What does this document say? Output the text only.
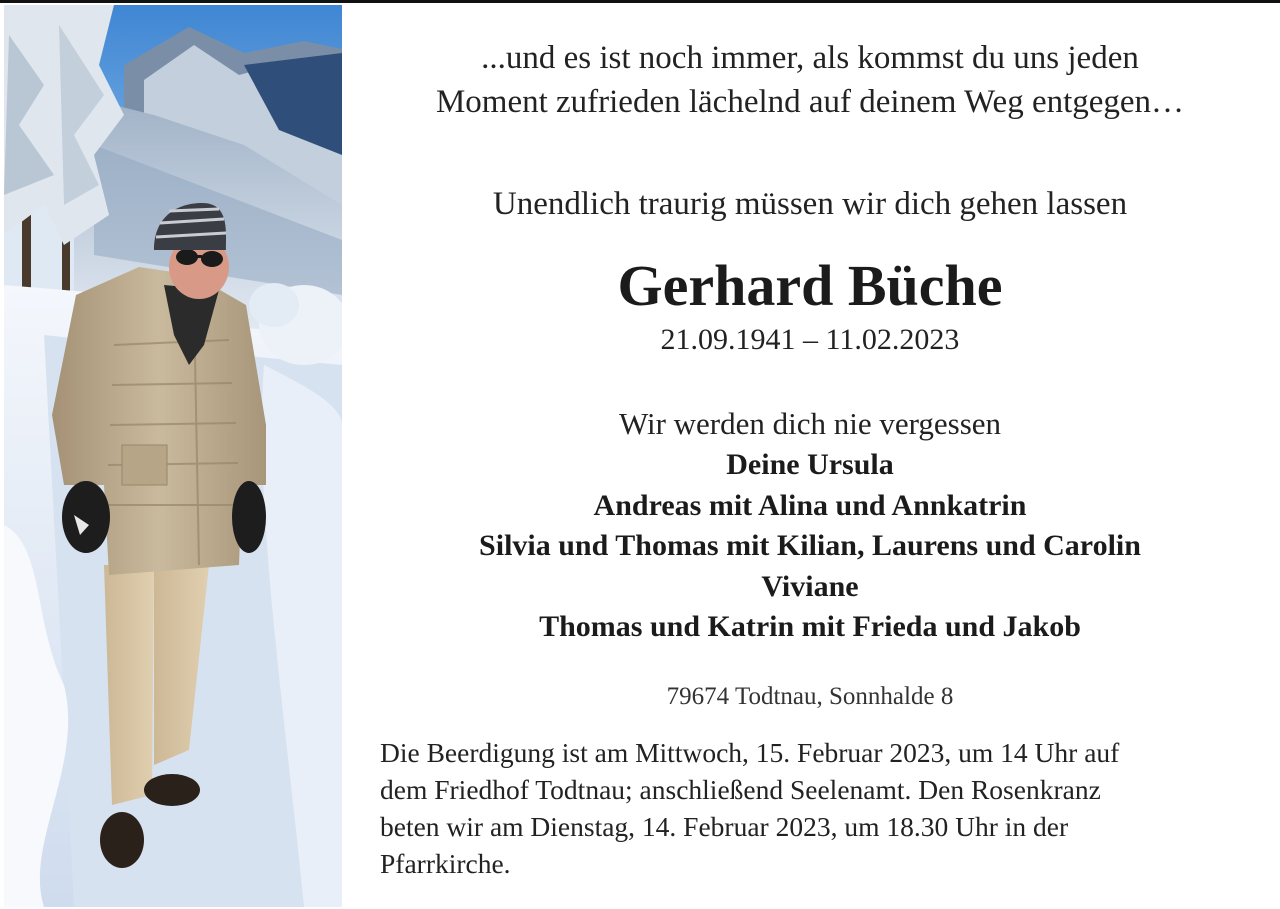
...und es ist noch immer, als kommst du uns jeden
Moment zufrieden lächelnd auf deinem Weg entgegen…
Unendlich traurig müssen wir dich gehen lassen
Gerhard Büche
21.09.1941 – 11.02.2023
Wir werden dich nie vergessen
Deine Ursula
Andreas mit Alina und Annkatrin
Silvia und Thomas mit Kilian, Laurens und Carolin
Viviane
Thomas und Katrin mit Frieda und Jakob
79674 Todtnau, Sonnhalde 8
Die Beerdigung ist am Mittwoch, 15. Februar 2023, um 14 Uhr auf
dem Friedhof Todtnau; anschließend Seelenamt. Den Rosenkranz
beten wir am Dienstag, 14. Februar 2023, um 18.30 Uhr in der
Pfarrkirche.
